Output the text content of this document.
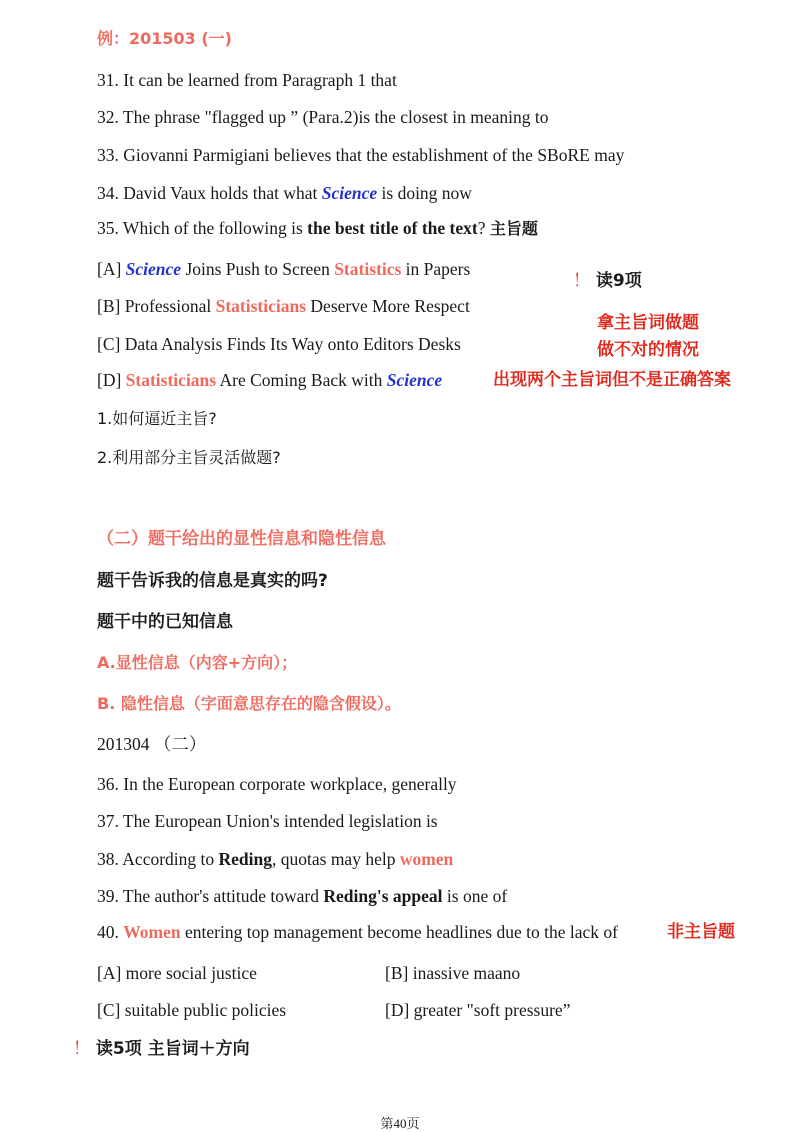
例：201503 (一)
31. It can be learned from Paragraph 1 that
32. The phrase "flagged up ” (Para.2)is the closest in meaning to
33. Giovanni Parmigiani believes that the establishment of the SBoRE may
34. David Vaux holds that what Science is doing now
35. Which of the following is the best title of the text? 主旨题
[A] Science Joins Push to Screen Statistics in Papers
[B] Professional Statisticians Deserve More Respect
[C] Data Analysis Finds Its Way onto Editors Desks
[D] Statisticians Are Coming Back with Science
！ 读9项
拿主旨词做题
做不对的情况
出现两个主旨词但不是正确答案
1.如何逼近主旨?
2.利用部分主旨灵活做题?
（二）题干给出的显性信息和隐性信息
题干告诉我的信息是真实的吗?
题干中的已知信息
A.显性信息（内容+方向）；
B. 隐性信息（字面意思存在的隐含假设）。
201304 （二）
36. In the European corporate workplace, generally
37. The European Union's intended legislation is
38. According to Reding, quotas may help women
39. The author's attitude toward Reding's appeal is one of
40. Women entering top management become headlines due to the lack of	非主旨题
[A] more social justice	[B] inassive maano
[C] suitable public policies	[D] greater "soft pressure”
！ 读5项 主旨词＋方向
第40页
